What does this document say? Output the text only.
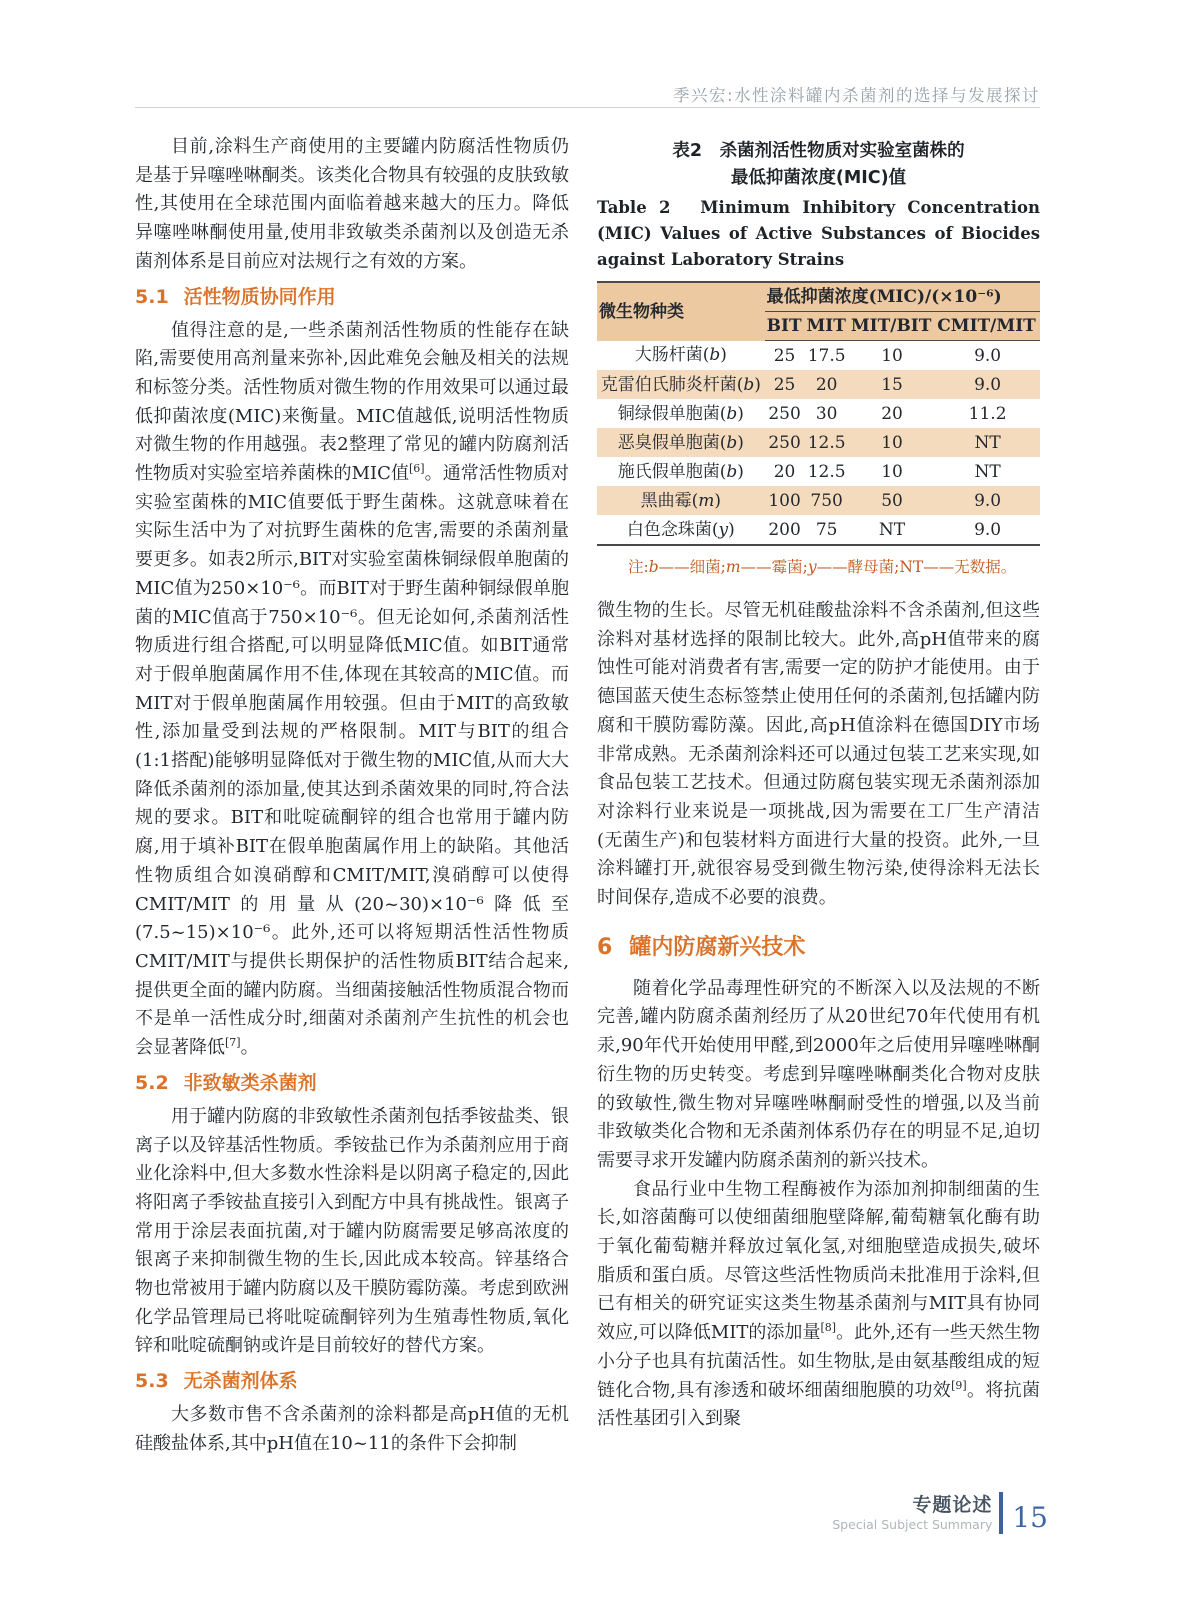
季兴宏:水性涂料罐内杀菌剂的选择与发展探讨

目前,涂料生产商使用的主要罐内防腐活性物质仍是基于异噻唑啉酮类。该类化合物具有较强的皮肤致敏性,其使用在全球范围内面临着越来越大的压力。降低异噻唑啉酮使用量,使用非致敏类杀菌剂以及创造无杀菌剂体系是目前应对法规行之有效的方案。

5.1 活性物质协同作用

值得注意的是,一些杀菌剂活性物质的性能存在缺陷,需要使用高剂量来弥补,因此难免会触及相关的法规和标签分类。活性物质对微生物的作用效果可以通过最低抑菌浓度(MIC)来衡量。MIC值越低,说明活性物质对微生物的作用越强。表2整理了常见的罐内防腐剂活性物质对实验室培养菌株的MIC值[6]。通常活性物质对实验室菌株的MIC值要低于野生菌株。这就意味着在实际生活中为了对抗野生菌株的危害,需要的杀菌剂量要更多。如表2所示,BIT对实验室菌株铜绿假单胞菌的MIC值为250×10⁻⁶。而BIT对于野生菌种铜绿假单胞菌的MIC值高于750×10⁻⁶。但无论如何,杀菌剂活性物质进行组合搭配,可以明显降低MIC值。如BIT通常对于假单胞菌属作用不佳,体现在其较高的MIC值。而MIT对于假单胞菌属作用较强。但由于MIT的高致敏性,添加量受到法规的严格限制。MIT与BIT的组合(1:1搭配)能够明显降低对于微生物的MIC值,从而大大降低杀菌剂的添加量,使其达到杀菌效果的同时,符合法规的要求。BIT和吡啶硫酮锌的组合也常用于罐内防腐,用于填补BIT在假单胞菌属作用上的缺陷。其他活性物质组合如溴硝醇和CMIT/MIT,溴硝醇可以使得CMIT/MIT的用量从(20~30)×10⁻⁶降低至(7.5~15)×10⁻⁶。此外,还可以将短期活性活性物质CMIT/MIT与提供长期保护的活性物质BIT结合起来,提供更全面的罐内防腐。当细菌接触活性物质混合物而不是单一活性成分时,细菌对杀菌剂产生抗性的机会也会显著降低[7]。

5.2 非致敏类杀菌剂

用于罐内防腐的非致敏性杀菌剂包括季铵盐类、银离子以及锌基活性物质。季铵盐已作为杀菌剂应用于商业化涂料中,但大多数水性涂料是以阴离子稳定的,因此将阳离子季铵盐直接引入到配方中具有挑战性。银离子常用于涂层表面抗菌,对于罐内防腐需要足够高浓度的银离子来抑制微生物的生长,因此成本较高。锌基络合物也常被用于罐内防腐以及干膜防霉防藻。考虑到欧洲化学品管理局已将吡啶硫酮锌列为生殖毒性物质,氧化锌和吡啶硫酮钠或许是目前较好的替代方案。

5.3 无杀菌剂体系

大多数市售不含杀菌剂的涂料都是高pH值的无机硅酸盐体系,其中pH值在10~11的条件下会抑制

表2　杀菌剂活性物质对实验室菌株的
最低抑菌浓度(MIC)值
Table 2　Minimum Inhibitory Concentration (MIC) Values of Active Substances of Biocides against Laboratory Strains
微生物种类	最低抑菌浓度(MIC)/(×10⁻⁶)			
	BIT	MIT	MIT/BIT	CMIT/MIT
大肠杆菌(b)	25	17.5	10	9.0
克雷伯氏肺炎杆菌(b)	25	20	15	9.0
铜绿假单胞菌(b)	250	30	20	11.2
恶臭假单胞菌(b)	250	12.5	10	NT
施氏假单胞菌(b)	20	12.5	10	NT
黑曲霉(m)	100	750	50	9.0
白色念珠菌(y)	200	75	NT	9.0
注:b——细菌;m——霉菌;y——酵母菌;NT——无数据。

微生物的生长。尽管无机硅酸盐涂料不含杀菌剂,但这些涂料对基材选择的限制比较大。此外,高pH值带来的腐蚀性可能对消费者有害,需要一定的防护才能使用。由于德国蓝天使生态标签禁止使用任何的杀菌剂,包括罐内防腐和干膜防霉防藻。因此,高pH值涂料在德国DIY市场非常成熟。无杀菌剂涂料还可以通过包装工艺来实现,如食品包装工艺技术。但通过防腐包装实现无杀菌剂添加对涂料行业来说是一项挑战,因为需要在工厂生产清洁(无菌生产)和包装材料方面进行大量的投资。此外,一旦涂料罐打开,就很容易受到微生物污染,使得涂料无法长时间保存,造成不必要的浪费。

6 罐内防腐新兴技术

随着化学品毒理性研究的不断深入以及法规的不断完善,罐内防腐杀菌剂经历了从20世纪70年代使用有机汞,90年代开始使用甲醛,到2000年之后使用异噻唑啉酮衍生物的历史转变。考虑到异噻唑啉酮类化合物对皮肤的致敏性,微生物对异噻唑啉酮耐受性的增强,以及当前非致敏类化合物和无杀菌剂体系仍存在的明显不足,迫切需要寻求开发罐内防腐杀菌剂的新兴技术。

食品行业中生物工程酶被作为添加剂抑制细菌的生长,如溶菌酶可以使细菌细胞壁降解,葡萄糖氧化酶有助于氧化葡萄糖并释放过氧化氢,对细胞壁造成损失,破坏脂质和蛋白质。尽管这些活性物质尚未批准用于涂料,但已有相关的研究证实这类生物基杀菌剂与MIT具有协同效应,可以降低MIT的添加量[8]。此外,还有一些天然生物小分子也具有抗菌活性。如生物肽,是由氨基酸组成的短链化合物,具有渗透和破坏细菌细胞膜的功效[9]。将抗菌活性基团引入到聚

专题论述
Special Subject Summary 15
